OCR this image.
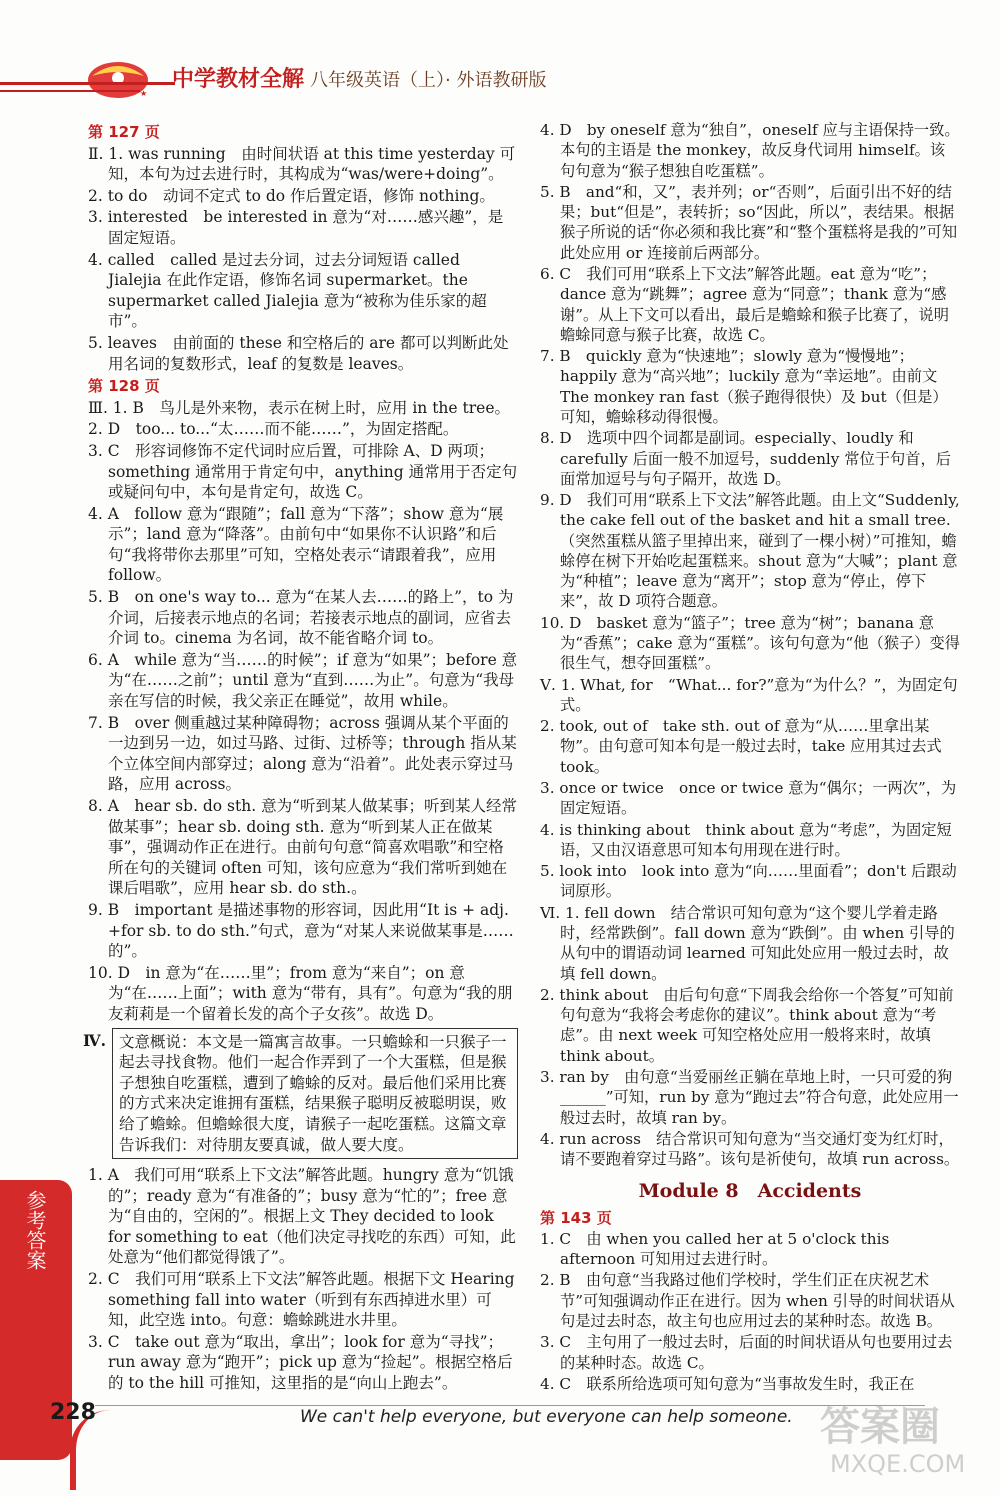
★
中学教材全解 八年级英语（上）· 外语教研版
第 127 页

Ⅱ. 1. was running　由时间状语 at this time yesterday 可知，本句为过去进行时，其构成为“was/were+doing”。

2. to do　动词不定式 to do 作后置定语，修饰 nothing。

3. interested　be interested in 意为“对……感兴趣”，是固定短语。

4. called　called 是过去分词，过去分词短语 called Jialejia 在此作定语，修饰名词 supermarket。the supermarket called Jialejia 意为“被称为佳乐家的超市”。

5. leaves　由前面的 these 和空格后的 are 都可以判断此处用名词的复数形式，leaf 的复数是 leaves。

第 128 页

Ⅲ. 1. B　鸟儿是外来物，表示在树上时，应用 in the tree。

2. D　too... to...“太……而不能……”，为固定搭配。

3. C　形容词修饰不定代词时应后置，可排除 A、D 两项；something 通常用于肯定句中，anything 通常用于否定句或疑问句中，本句是肯定句，故选 C。

4. A　follow 意为“跟随”；fall 意为“下落”；show 意为“展示”；land 意为“降落”。由前句中“如果你不认识路”和后句“我将带你去那里”可知，空格处表示“请跟着我”，应用 follow。

5. B　on one's way to... 意为“在某人去……的路上”，to 为介词，后接表示地点的名词；若接表示地点的副词，应省去介词 to。cinema 为名词，故不能省略介词 to。

6. A　while 意为“当……的时候”；if 意为“如果”；before 意为“在……之前”；until 意为“直到……为止”。句意为“我母亲在写信的时候，我父亲正在睡觉”，故用 while。

7. B　over 侧重越过某种障碍物；across 强调从某个平面的一边到另一边，如过马路、过街、过桥等；through 指从某个立体空间内部穿过；along 意为“沿着”。此处表示穿过马路，应用 across。

8. A　hear sb. do sth. 意为“听到某人做某事；听到某人经常做某事”；hear sb. doing sth. 意为“听到某人正在做某事”，强调动作正在进行。由前句句意“简喜欢唱歌”和空格所在句的关键词 often 可知，该句应意为“我们常听到她在课后唱歌”，应用 hear sb. do sth.。

9. B　important 是描述事物的形容词，因此用“It is + adj. +for sb. to do sth.”句式，意为“对某人来说做某事是……的”。

10. D　in 意为“在……里”；from 意为“来自”；on 意为“在……上面”；with 意为“带有，具有”。句意为“我的朋友莉莉是一个留着长发的高个子女孩”。故选 D。

Ⅳ. 文意概说：本文是一篇寓言故事。一只蟾蜍和一只猴子一起去寻找食物。他们一起合作弄到了一个大蛋糕，但是猴子想独自吃蛋糕，遭到了蟾蜍的反对。最后他们采用比赛的方式来决定谁拥有蛋糕，结果猴子聪明反被聪明误，败给了蟾蜍。但蟾蜍很大度，请猴子一起吃蛋糕。这篇文章告诉我们：对待朋友要真诚，做人要大度。

1. A　我们可用“联系上下文法”解答此题。hungry 意为“饥饿的”；ready 意为“有准备的”；busy 意为“忙的”；free 意为“自由的，空闲的”。根据上文 They decided to look for something to eat（他们决定寻找吃的东西）可知，此处意为“他们都觉得饿了”。

2. C　我们可用“联系上下文法”解答此题。根据下文 Hearing something fall into water（听到有东西掉进水里）可知，此空选 into。句意：蟾蜍跳进水井里。

3. C　take out 意为“取出，拿出”；look for 意为“寻找”；run away 意为“跑开”；pick up 意为“捡起”。根据空格后的 to the hill 可推知，这里指的是“向山上跑去”。

4. D　by oneself 意为“独自”，oneself 应与主语保持一致。本句的主语是 the monkey，故反身代词用 himself。该句句意为“猴子想独自吃蛋糕”。

5. B　and“和，又”，表并列；or“否则”，后面引出不好的结果；but“但是”，表转折；so“因此，所以”，表结果。根据猴子所说的话“你必须和我比赛”和“整个蛋糕将是我的”可知此处应用 or 连接前后两部分。

6. C　我们可用“联系上下文法”解答此题。eat 意为“吃”；dance 意为“跳舞”；agree 意为“同意”；thank 意为“感谢”。从上下文可以看出，最后是蟾蜍和猴子比赛了，说明蟾蜍同意与猴子比赛，故选 C。

7. B　quickly 意为“快速地”；slowly 意为“慢慢地”；happily 意为“高兴地”；luckily 意为“幸运地”。由前文 The monkey ran fast（猴子跑得很快）及 but（但是）可知，蟾蜍移动得很慢。

8. D　选项中四个词都是副词。especially、loudly 和 carefully 后面一般不加逗号，suddenly 常位于句首，后面常加逗号与句子隔开，故选 D。

9. D　我们可用“联系上下文法”解答此题。由上文“Suddenly, the cake fell out of the basket and hit a small tree.（突然蛋糕从篮子里掉出来，碰到了一棵小树）”可推知，蟾蜍停在树下开始吃起蛋糕来。shout 意为“大喊”；plant 意为“种植”；leave 意为“离开”；stop 意为“停止，停下来”，故 D 项符合题意。

10. D　basket 意为“篮子”；tree 意为“树”；banana 意为“香蕉”；cake 意为“蛋糕”。该句句意为“他（猴子）变得很生气，想夺回蛋糕”。

Ⅴ. 1. What, for　“What... for?”意为“为什么？”，为固定句式。

2. took, out of　take sth. out of 意为“从……里拿出某物”。由句意可知本句是一般过去时，take 应用其过去式 took。

3. once or twice　once or twice 意为“偶尔；一两次”，为固定短语。

4. is thinking about　think about 意为“考虑”，为固定短语，又由汉语意思可知本句用现在进行时。

5. look into　look into 意为“向……里面看”；don't 后跟动词原形。

Ⅵ. 1. fell down　结合常识可知句意为“这个婴儿学着走路时，经常跌倒”。fall down 意为“跌倒”。由 when 引导的从句中的谓语动词 learned 可知此处应用一般过去时，故填 fell down。

2. think about　由后句句意“下周我会给你一个答复”可知前句句意为“我将会考虑你的建议”。think about 意为“考虑”。由 next week 可知空格处应用一般将来时，故填 think about。

3. ran by　由句意“当爱丽丝正躺在草地上时，一只可爱的狗______”可知，run by 意为“跑过去”符合句意，此处应用一般过去时，故填 ran by。

4. run across　结合常识可知句意为“当交通灯变为红灯时，请不要跑着穿过马路”。该句是祈使句，故填 run across。

Module 8　Accidents
第 143 页

1. C　由 when you called her at 5 o'clock this afternoon 可知用过去进行时。

2. B　由句意“当我路过他们学校时，学生们正在庆祝艺术节”可知强调动作正在进行。因为 when 引导的时间状语从句是过去时态，故主句也应用过去的某种时态。故选 B。

3. C　主句用了一般过去时，后面的时间状语从句也要用过去的某种时态。故选 C。

4. C　联系所给选项可知句意为“当事故发生时，我正在

参考答案
228	We can't help everyone, but everyone can help someone. 答案圈
MXQE.COM
